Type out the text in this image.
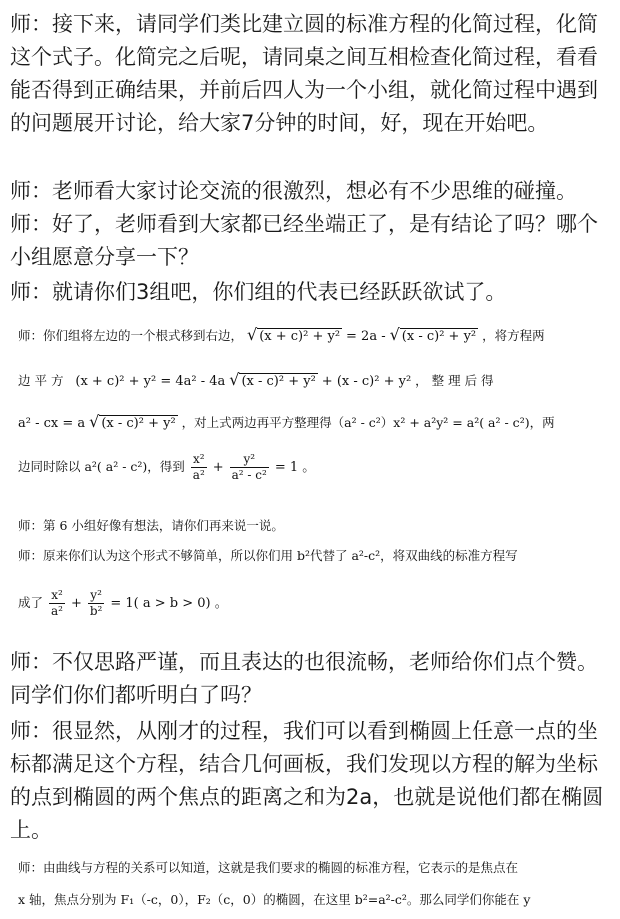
师：接下来，请同学们类比建立圆的标准方程的化简过程，化简这个式子。化简完之后呢，请同桌之间互相检查化简过程，看看能否得到正确结果，并前后四人为一个小组，就化简过程中遇到的问题展开讨论，给大家7分钟的时间，好，现在开始吧。

师：老师看大家讨论交流的很激烈，想必有不少思维的碰撞。

师：好了，老师看到大家都已经坐端正了，是有结论了吗？哪个小组愿意分享一下？

师：就请你们3组吧，你们组的代表已经跃跃欲试了。

师：你们组将左边的一个根式移到右边， √ (x + c)² + y² = 2a - √ (x - c)² + y² ，将方程两
边 平 方 (x + c)² + y² = 4a² - 4a √ (x - c)² + y² + (x - c)² + y² ， 整 理 后 得
a² - cx = a √ (x - c)² + y² ，对上式两边再平方整理得（a² - c²）x² + a²y² = a²( a² - c²)，两
边同时除以 a²( a² - c²)，得到 $\frac{\text{x²}}{\text{a²}} + \frac{\text{y²}}{\text{a² - c²}} = 1$ 。
师：第 6 小组好像有想法，请你们再来说一说。
师：原来你们认为这个形式不够简单，所以你们用 b²代替了 a²-c²，将双曲线的标准方程写
成了 $\frac{\text{x²}}{\text{a²}} + \frac{\text{y²}}{\text{b²}} = 1$( a > b > 0) 。

师：不仅思路严谨，而且表达的也很流畅，老师给你们点个赞。同学们你们都听明白了吗？

师：很显然，从刚才的过程，我们可以看到椭圆上任意一点的坐标都满足这个方程，结合几何画板，我们发现以方程的解为坐标的点到椭圆的两个焦点的距离之和为2a，也就是说他们都在椭圆上。

师：由曲线与方程的关系可以知道，这就是我们要求的椭圆的标准方程，它表示的是焦点在
x 轴，焦点分别为 F₁（-c，0），F₂（c，0）的椭圆，在这里 b²=a²-c²。那么同学们你能在 y
